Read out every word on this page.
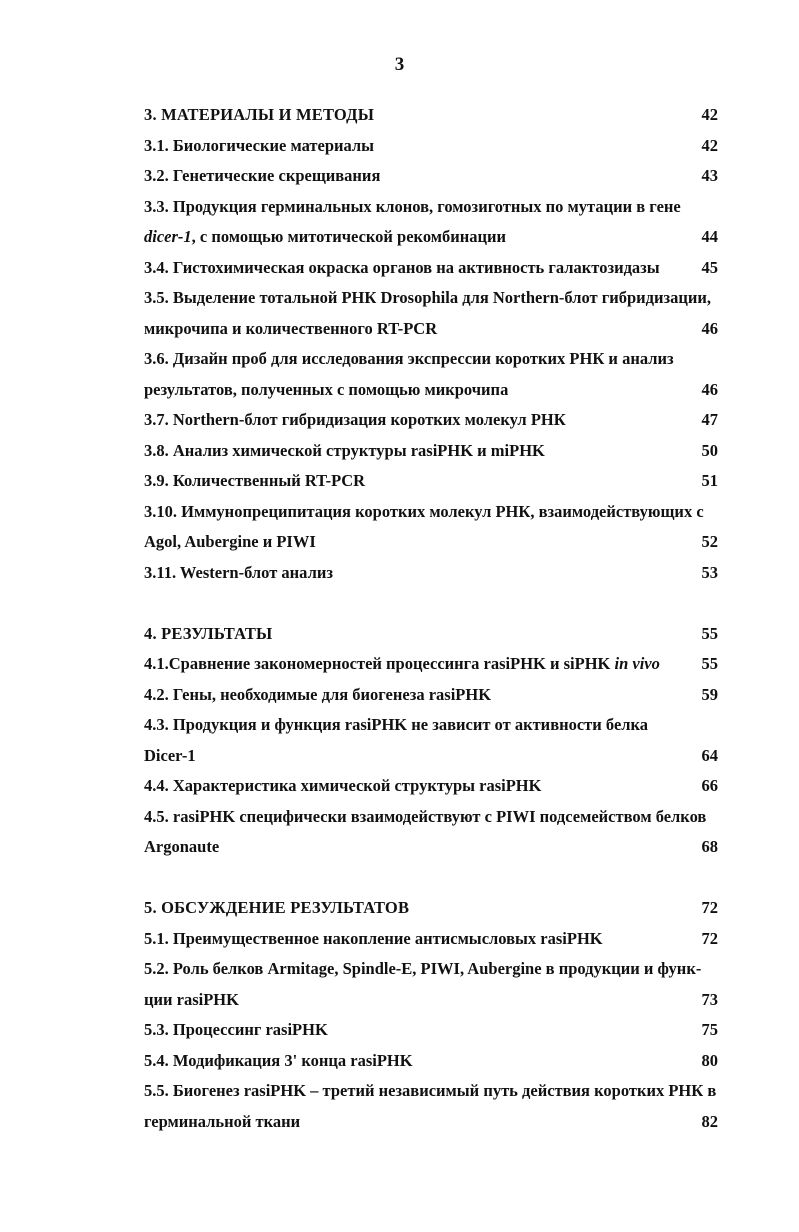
3
3. МАТЕРИАЛЫ И МЕТОДЫ	42
3.1. Биологические материалы	42
3.2. Генетические скрещивания	43
3.3. Продукция герминальных клонов, гомозиготных по мутации в гене
dicer-1, с помощью митотической рекомбинации	44
3.4. Гистохимическая окраска органов на активность галактозидазы	45
3.5. Выделение тотальной РНК Drosophila для Northern-блот гибридизации,
микрочипа и количественного RT-PCR	46
3.6. Дизайн проб для исследования экспрессии коротких РНК и анализ
результатов, полученных с помощью микрочипа	46
3.7. Northern-блот гибридизация коротких молекул РНК	47
3.8. Анализ химической структуры rasiPHK и miPHK	50
3.9. Количественный RT-PCR	51
3.10. Иммунопреципитация коротких молекул РНК, взаимодействующих с
Agol, Aubergine и PIWI	52
3.11. Western-блот анализ	53
4. РЕЗУЛЬТАТЫ	55
4.1.Сравнение закономерностей процессинга rasiPHK и siPHK in vivo	55
4.2. Гены, необходимые для биогенеза rasiPHK	59
4.3. Продукция и функция rasiPHK не зависит от активности белка
Dicer-1	64
4.4. Характеристика химической структуры rasiPHK	66
4.5. rasiPHK специфически взаимодействуют с PIWI подсемейством белков
Argonaute	68
5. ОБСУЖДЕНИЕ РЕЗУЛЬТАТОВ	72
5.1. Преимущественное накопление антисмысловых rasiPHK	72
5.2. Роль белков Armitage, Spindle-E, PIWI, Aubergine в продукции и функ-
ции rasiPHK	73
5.3. Процессинг rasiPHK	75
5.4. Модификация 3' конца rasiPHK	80
5.5. Биогенез rasiPHK – третий независимый путь действия коротких РНК в
герминальной ткани	82
